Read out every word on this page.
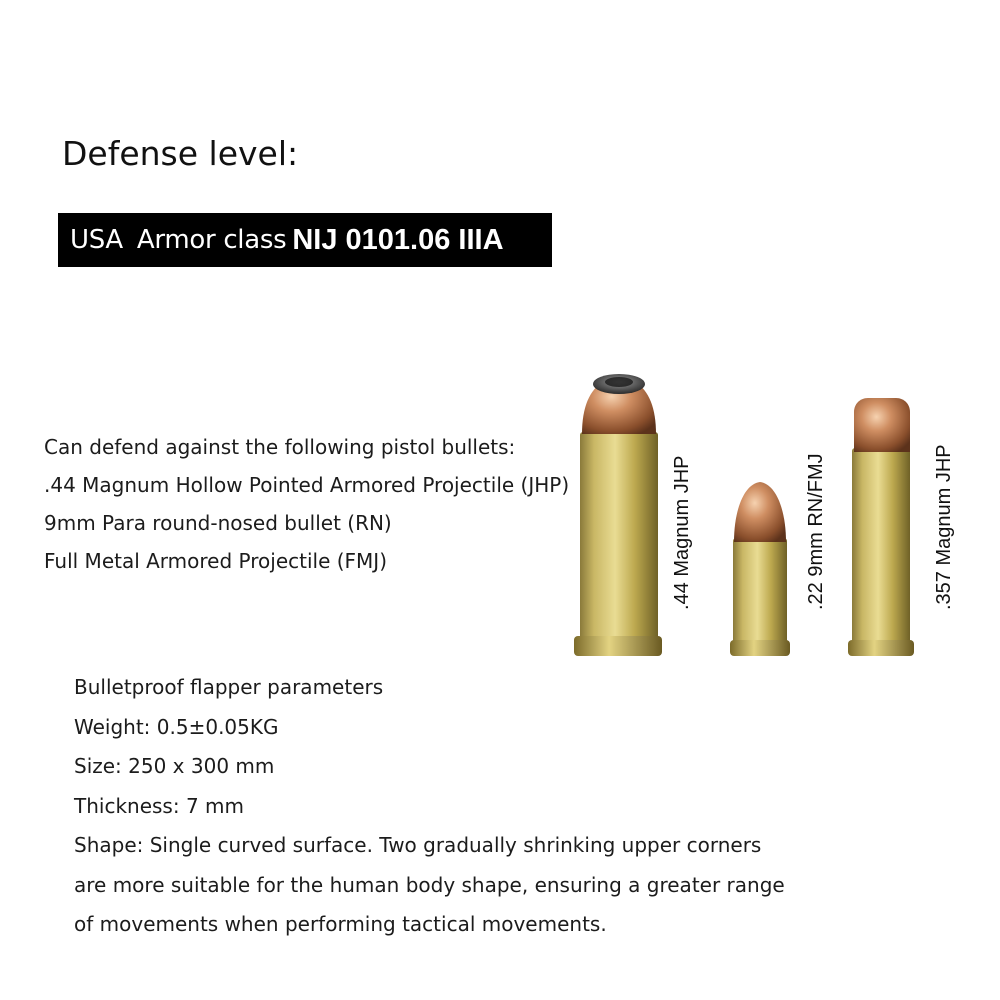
Defense level:
USA Armor class NIJ 0101.06 IIIA

Can defend against the following pistol bullets:

.44 Magnum Hollow Pointed Armored Projectile (JHP)

9mm Para round-nosed bullet (RN)

Full Metal Armored Projectile (FMJ)	.44 Magnum JHP	.22 9mm RN/FMJ	.357 Magnum JHP

Bulletproof flapper parameters

Weight: 0.5±0.05KG

Size: 250 x 300 mm

Thickness: 7 mm

Shape: Single curved surface. Two gradually shrinking upper corners

are more suitable for the human body shape, ensuring a greater range

of movements when performing tactical movements.
